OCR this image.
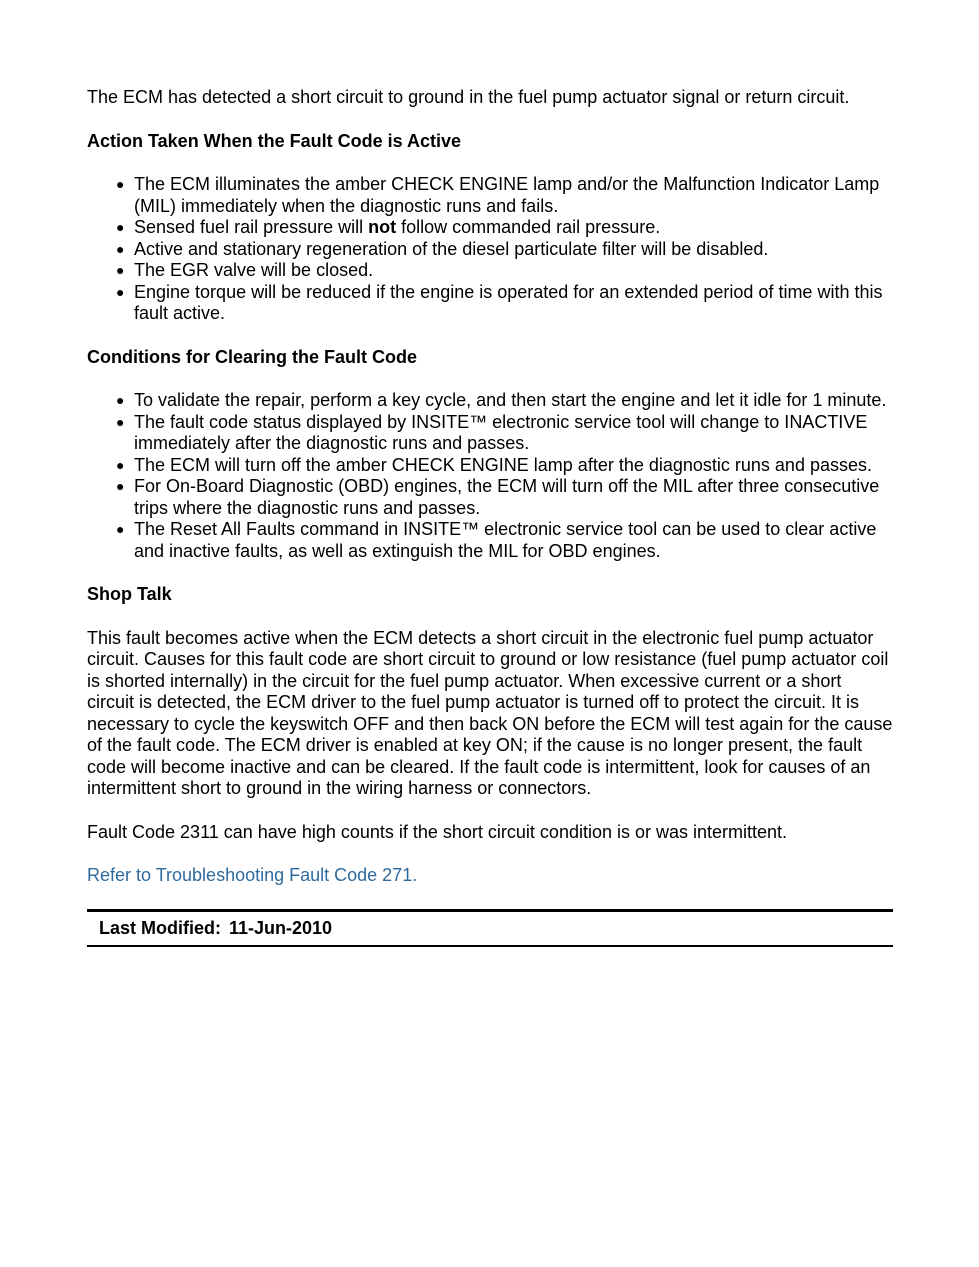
The ECM has detected a short circuit to ground in the fuel pump actuator signal or return circuit.

Action Taken When the Fault Code is Active
● The ECM illuminates the amber CHECK ENGINE lamp and/or the Malfunction Indicator Lamp (MIL) immediately when the diagnostic runs and fails.
● Sensed fuel rail pressure will not follow commanded rail pressure.
● Active and stationary regeneration of the diesel particulate filter will be disabled.
● The EGR valve will be closed.
● Engine torque will be reduced if the engine is operated for an extended period of time with this fault active.
Conditions for Clearing the Fault Code
● To validate the repair, perform a key cycle, and then start the engine and let it idle for 1 minute.
● The fault code status displayed by INSITE™ electronic service tool will change to INACTIVE immediately after the diagnostic runs and passes.
● The ECM will turn off the amber CHECK ENGINE lamp after the diagnostic runs and passes.
● For On-Board Diagnostic (OBD) engines, the ECM will turn off the MIL after three consecutive trips where the diagnostic runs and passes.
● The Reset All Faults command in INSITE™ electronic service tool can be used to clear active and inactive faults, as well as extinguish the MIL for OBD engines.
Shop Talk

This fault becomes active when the ECM detects a short circuit in the electronic fuel pump actuator circuit. Causes for this fault code are short circuit to ground or low resistance (fuel pump actuator coil is shorted internally) in the circuit for the fuel pump actuator. When excessive current or a short circuit is detected, the ECM driver to the fuel pump actuator is turned off to protect the circuit. It is necessary to cycle the keyswitch OFF and then back ON before the ECM will test again for the cause of the fault code. The ECM driver is enabled at key ON; if the cause is no longer present, the fault code will become inactive and can be cleared. If the fault code is intermittent, look for causes of an intermittent short to ground in the wiring harness or connectors.

Fault Code 2311 can have high counts if the short circuit condition is or was intermittent.

Refer to Troubleshooting Fault Code 271.
Last Modified: 11-Jun-2010
